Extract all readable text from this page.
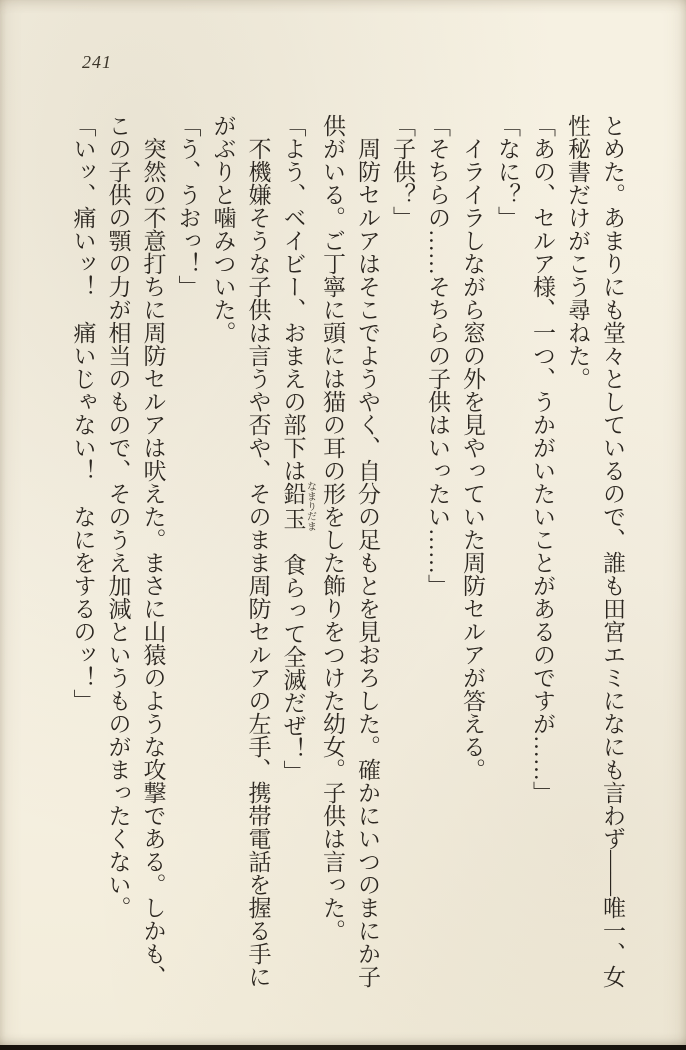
241

とめた。あまりにも堂々としているので、誰も田宮エミになにも言わず——唯一、女性秘書だけがこう尋ねた。

「あの、セルア様、一つ、うかがいたいことがあるのですが……」

「なに？」

イライラしながら窓の外を見やっていた周防セルアが答える。

「そちらの……そちらの子供はいったい……」

「子供？」

周防セルアはそこでようやく、自分の足もとを見おろした。確かにいつのまにか子供がいる。ご丁寧に頭には猫の耳の形をした飾りをつけた幼女。子供は言った。

「よう、ベイビー、おまえの部下は鉛玉 なまりだま　食らって全滅だぜ！」

不機嫌そうな子供は言うや否や、そのまま周防セルアの左手、携帯電話を握る手にがぶりと噛みついた。

「う、うおっ！」

突然の不意打ちに周防セルアは吠えた。まさに山猿のような攻撃である。しかも、この子供の顎の力が相当のもので、そのうえ加減というものがまったくない。

「いッ、痛いッ！　痛いじゃない！　なにをするのッ！」
